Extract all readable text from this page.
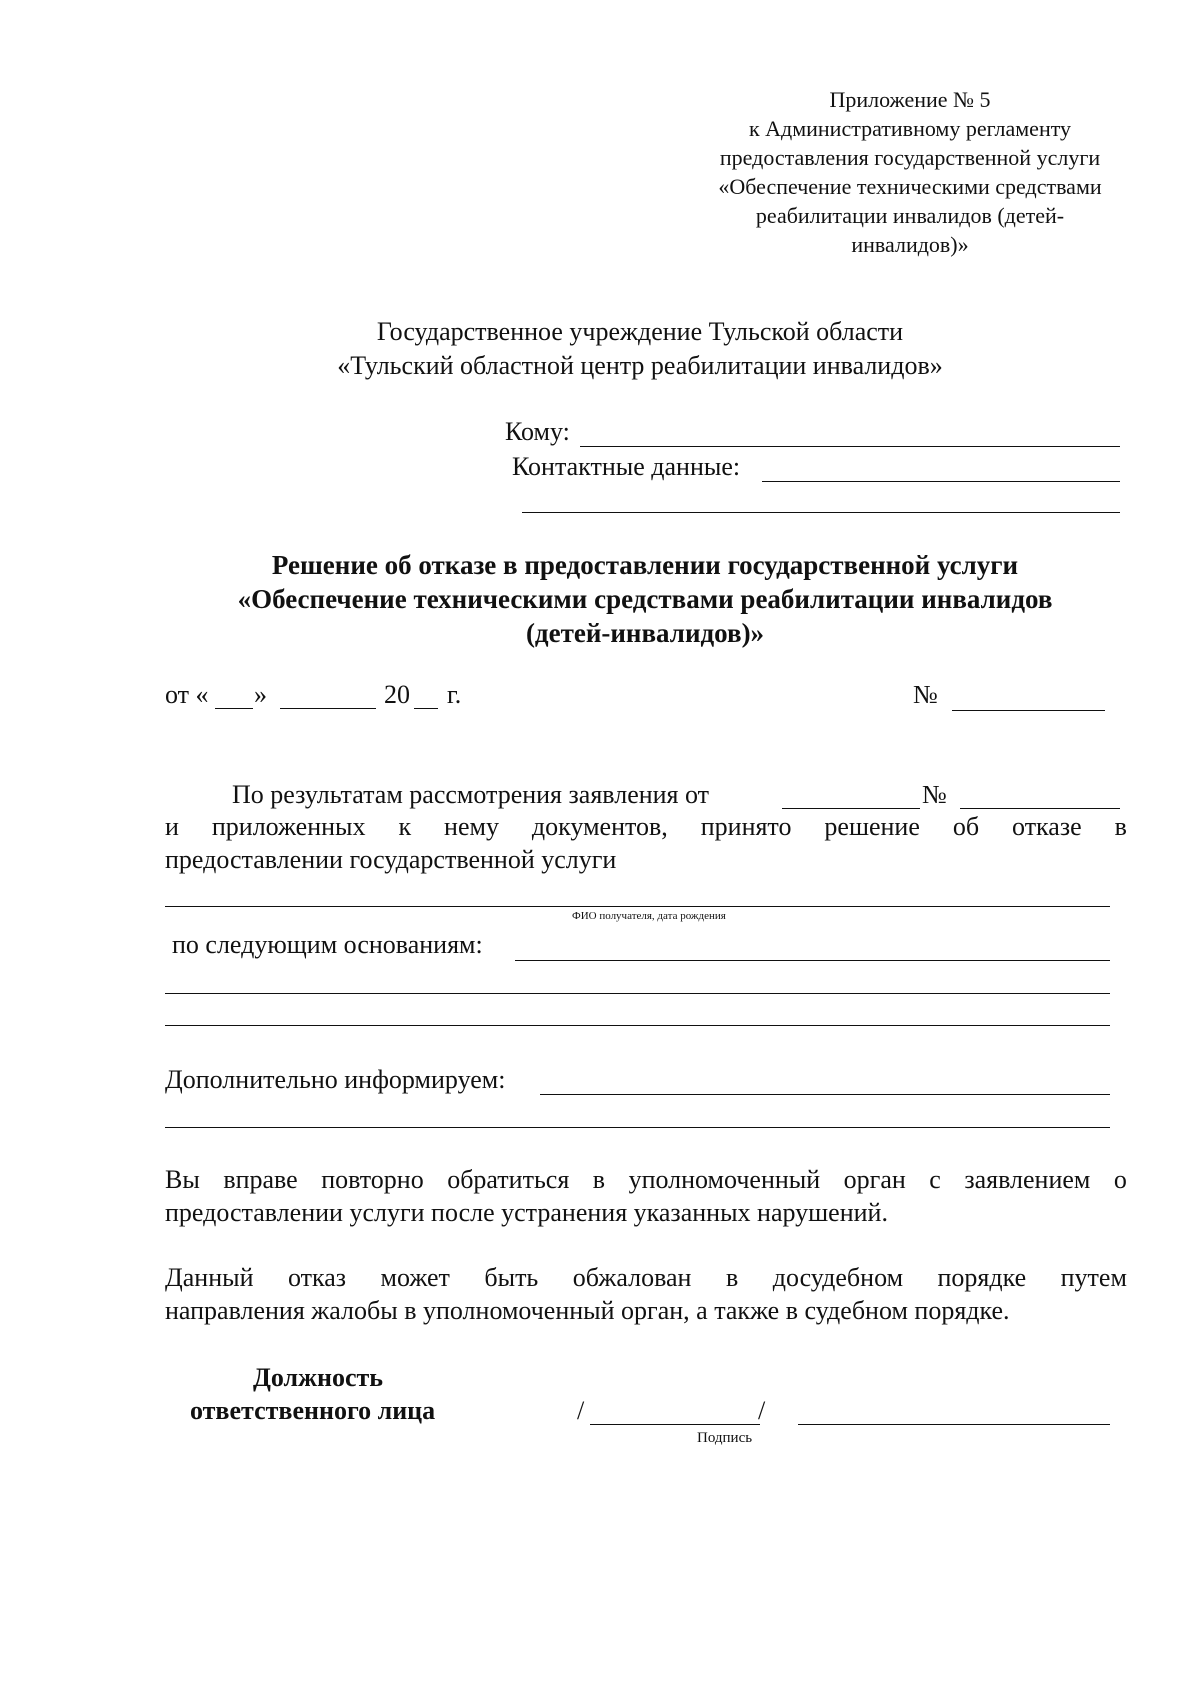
Приложение № 5
к Административному регламенту
предоставления государственной услуги
«Обеспечение техническими средствами
реабилитации инвалидов (детей-
инвалидов)»
Государственное учреждение Тульской области
«Тульский областной центр реабилитации инвалидов»
Кому:
Контактные данные:
Решение об отказе в предоставлении государственной услуги
«Обеспечение техническими средствами реабилитации инвалидов
(детей-инвалидов)»
от « »	20 г.	№
По результатам рассмотрения заявления от	№
и приложенных к нему документов, принято решение об отказе в
предоставлении государственной услуги
ФИО получателя, дата рождения
по следующим основаниям:
Дополнительно информируем:
Вы вправе повторно обратиться в уполномоченный орган с заявлением о
предоставлении услуги после устранения указанных нарушений.
Данный отказ может быть обжалован в досудебном порядке путем
направления жалобы в уполномоченный орган, а также в судебном порядке.
Должность
ответственного лица	/	/
Подпись
